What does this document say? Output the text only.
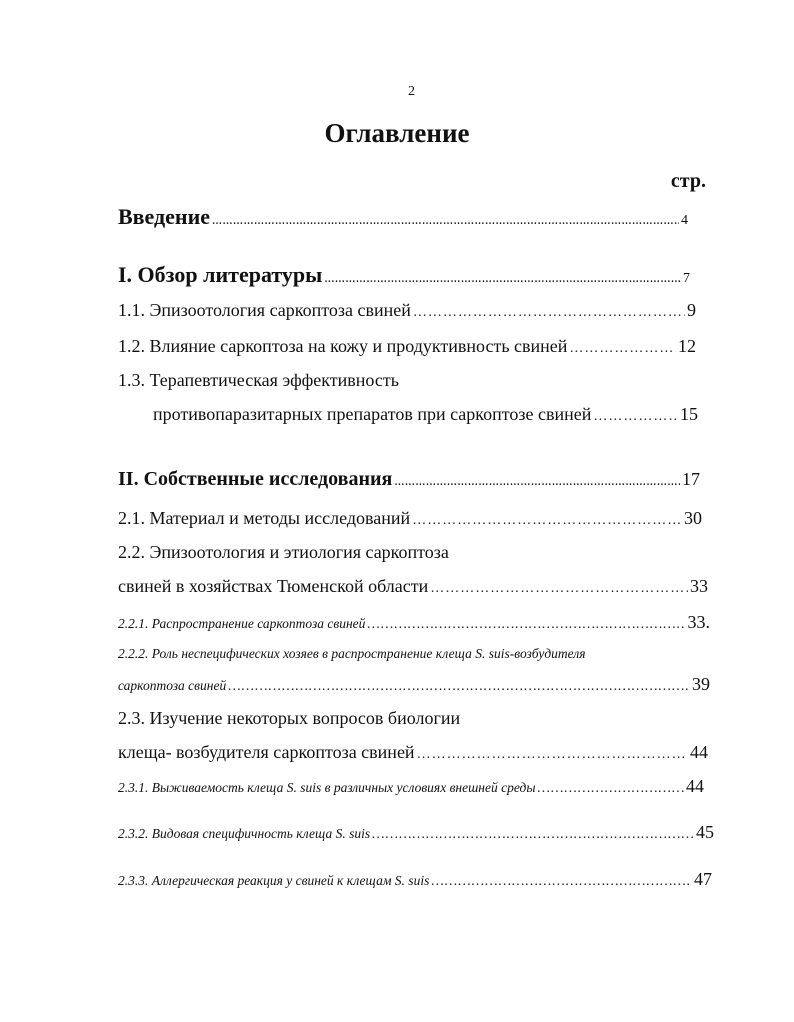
2
Оглавление
стр.
Введение …………………………………………………………………………………………………………………………………………………………………………………………	4
I. Обзор литературы …………………………………………………………………………………………………………………………………………………………………………………………	7
1.1. Эпизоотология саркоптоза свиней …………………………………………………………………………………………………………………………………………………………………………………………	9
1.2. Влияние саркоптоза на кожу и продуктивность свиней …………………………………………………………………………………………………………………………………………………………………………………………	12
1.3. Терапевтическая эффективность
противопаразитарных препаратов при саркоптозе свиней …………………………………………………………………………………………………………………………………………………………………………………………	15
II. Собственные исследования …………………………………………………………………………………………………………………………………………………………………………………………	17
2.1. Материал и методы исследований …………………………………………………………………………………………………………………………………………………………………………………………	30
2.2. Эпизоотология и этиология саркоптоза
свиней в хозяйствах Тюменской области …………………………………………………………………………………………………………………………………………………………………………………………	33
2.2.1. Распространение саркоптоза свиней …………………………………………………………………………………………………………………………………………………………………………………………	33.
2.2.2. Роль неспецифических хозяев в распространение клеща S. suis-возбудителя
саркоптоза свиней …………………………………………………………………………………………………………………………………………………………………………………………	39
2.3. Изучение некоторых вопросов биологии
клеща- возбудителя саркоптоза свиней …………………………………………………………………………………………………………………………………………………………………………………………	44
2.3.1. Выживаемость клеща S. suis в различных условиях внешней среды …………………………………………………………………………………………………………………………………………………………………………………………	44
2.3.2. Видовая специфичность клеща S. suis …………………………………………………………………………………………………………………………………………………………………………………………	45
2.3.3. Аллергическая реакция у свиней к клещам S. suis …………………………………………………………………………………………………………………………………………………………………………………………	47
